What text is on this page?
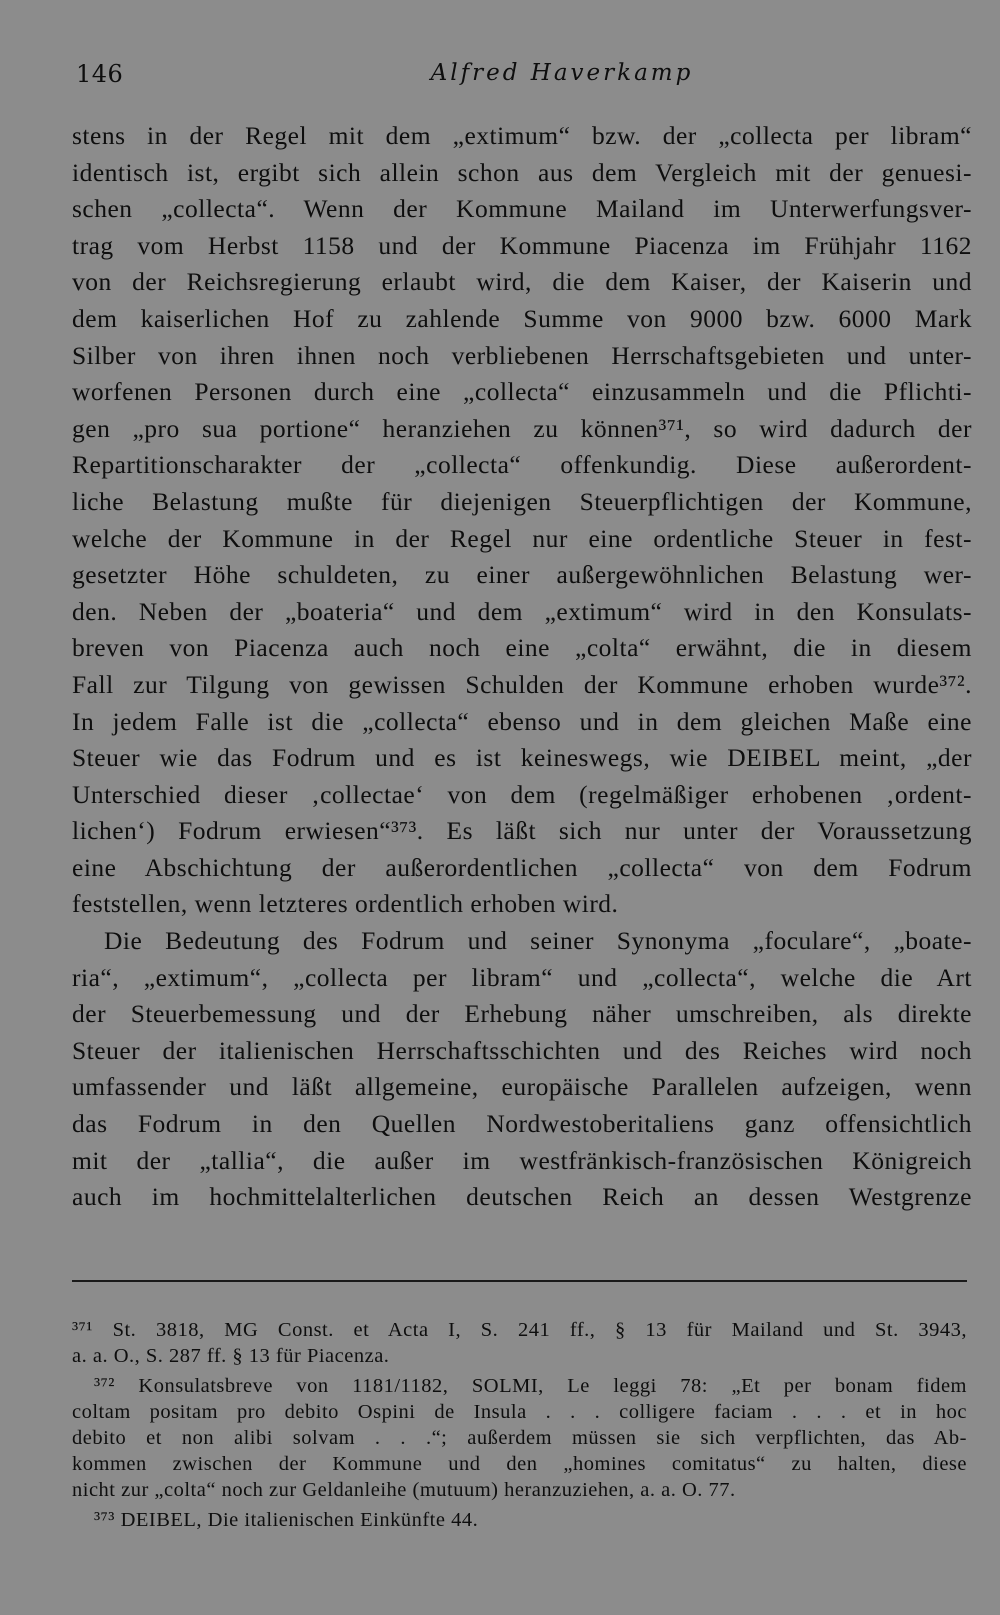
146	Alfred Haverkamp
stens in der Regel mit dem „extimum“ bzw. der „collecta per libram“
identisch ist, ergibt sich allein schon aus dem Vergleich mit der genuesi-
schen „collecta“. Wenn der Kommune Mailand im Unterwerfungsver-
trag vom Herbst 1158 und der Kommune Piacenza im Frühjahr 1162
von der Reichsregierung erlaubt wird, die dem Kaiser, der Kaiserin und
dem kaiserlichen Hof zu zahlende Summe von 9000 bzw. 6000 Mark
Silber von ihren ihnen noch verbliebenen Herrschaftsgebieten und unter-
worfenen Personen durch eine „collecta“ einzusammeln und die Pflichti-
gen „pro sua portione“ heranziehen zu können³⁷¹, so wird dadurch der
Repartitionscharakter der „collecta“ offenkundig. Diese außerordent-
liche Belastung mußte für diejenigen Steuerpflichtigen der Kommune,
welche der Kommune in der Regel nur eine ordentliche Steuer in fest-
gesetzter Höhe schuldeten, zu einer außergewöhnlichen Belastung wer-
den. Neben der „boateria“ und dem „extimum“ wird in den Konsulats-
breven von Piacenza auch noch eine „colta“ erwähnt, die in diesem
Fall zur Tilgung von gewissen Schulden der Kommune erhoben wurde³⁷².
In jedem Falle ist die „collecta“ ebenso und in dem gleichen Maße eine
Steuer wie das Fodrum und es ist keineswegs, wie DEIBEL meint, „der
Unterschied dieser ‚collectae‘ von dem (regelmäßiger erhobenen ‚ordent-
lichen‘) Fodrum erwiesen“³⁷³. Es läßt sich nur unter der Voraussetzung
eine Abschichtung der außerordentlichen „collecta“ von dem Fodrum
feststellen, wenn letzteres ordentlich erhoben wird.
Die Bedeutung des Fodrum und seiner Synonyma „foculare“, „boate-
ria“, „extimum“, „collecta per libram“ und „collecta“, welche die Art
der Steuerbemessung und der Erhebung näher umschreiben, als direkte
Steuer der italienischen Herrschaftsschichten und des Reiches wird noch
umfassender und läßt allgemeine, europäische Parallelen aufzeigen, wenn
das Fodrum in den Quellen Nordwestoberitaliens ganz offensichtlich
mit der „tallia“, die außer im westfränkisch-französischen Königreich
auch im hochmittelalterlichen deutschen Reich an dessen Westgrenze
³⁷¹ St. 3818, MG Const. et Acta I, S. 241 ff., § 13 für Mailand und St. 3943,
a. a. O., S. 287 ff. § 13 für Piacenza.
³⁷² Konsulatsbreve von 1181/1182, SOLMI, Le leggi 78: „Et per bonam fidem
coltam positam pro debito Ospini de Insula . . . colligere faciam . . . et in hoc
debito et non alibi solvam . . .“; außerdem müssen sie sich verpflichten, das Ab-
kommen zwischen der Kommune und den „homines comitatus“ zu halten, diese
nicht zur „colta“ noch zur Geldanleihe (mutuum) heranzuziehen, a. a. O. 77.
³⁷³ DEIBEL, Die italienischen Einkünfte 44.
